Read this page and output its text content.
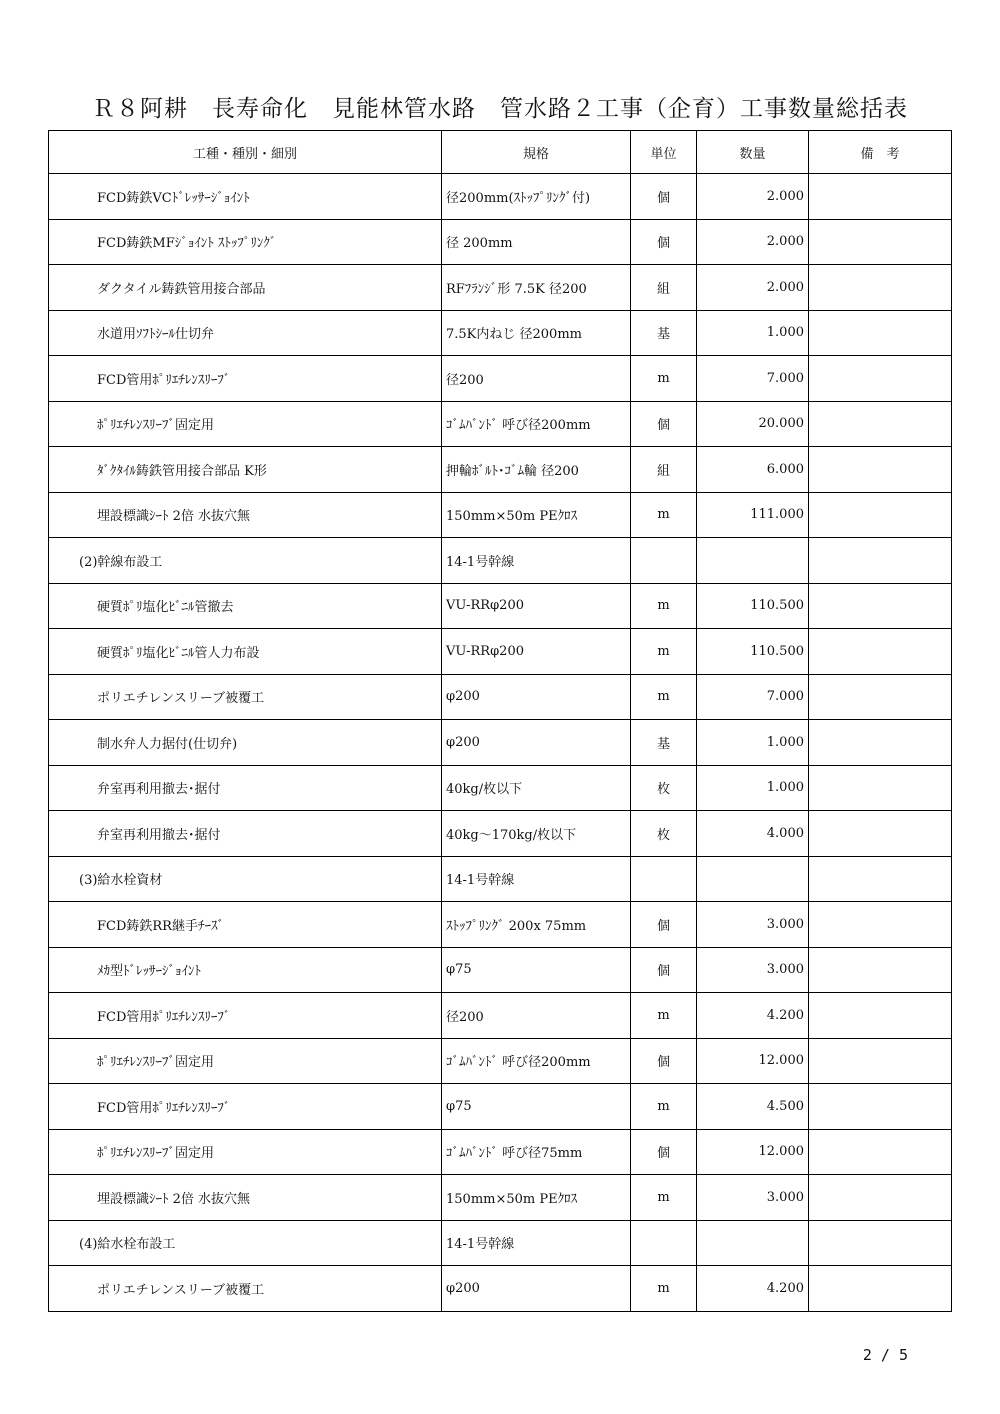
Ｒ８阿耕　長寿命化　見能林管水路　管水路２工事（企育）工事数量総括表
工種・種別・細別	規格	単位	数量	備　考
FCD鋳鉄VCﾄﾞﾚｯｻｰｼﾞｮｲﾝﾄ	径200mm(ｽﾄｯﾌﾟﾘﾝｸﾞ付)	個	2.000	
FCD鋳鉄MFｼﾞｮｲﾝﾄ ｽﾄｯﾌﾟﾘﾝｸﾞ	径 200mm	個	2.000	
ダクタイル鋳鉄管用接合部品	RFﾌﾗﾝｼﾞ形 7.5K 径200	組	2.000	
水道用ｿﾌﾄｼｰﾙ仕切弁	7.5K内ねじ 径200mm	基	1.000	
FCD管用ﾎﾟﾘｴﾁﾚﾝｽﾘｰﾌﾞ	径200	m	7.000	
ﾎﾟﾘｴﾁﾚﾝｽﾘｰﾌﾞ固定用	ｺﾞﾑﾊﾞﾝﾄﾞ 呼び径200mm	個	20.000	
ﾀﾞｸﾀｲﾙ鋳鉄管用接合部品 K形	押輪ﾎﾞﾙﾄ･ｺﾞﾑ輪 径200	組	6.000	
埋設標識ｼｰﾄ 2倍 水抜穴無	150mm×50m PEｸﾛｽ	m	111.000	
(2)幹線布設工	14-1号幹線			
硬質ﾎﾟﾘ塩化ﾋﾞﾆﾙ管撤去	VU-RRφ200	m	110.500	
硬質ﾎﾟﾘ塩化ﾋﾞﾆﾙ管人力布設	VU-RRφ200	m	110.500	
ポリエチレンスリーブ被覆工	φ200	m	7.000	
制水弁人力据付(仕切弁)	φ200	基	1.000	
弁室再利用撤去･据付	40kg/枚以下	枚	1.000	
弁室再利用撤去･据付	40kg～170kg/枚以下	枚	4.000	
(3)給水栓資材	14-1号幹線			
FCD鋳鉄RR継手ﾁｰｽﾞ	ｽﾄｯﾌﾟﾘﾝｸﾞ 200x 75mm	個	3.000	
ﾒｶ型ﾄﾞﾚｯｻｰｼﾞｮｲﾝﾄ	φ75	個	3.000	
FCD管用ﾎﾟﾘｴﾁﾚﾝｽﾘｰﾌﾞ	径200	m	4.200	
ﾎﾟﾘｴﾁﾚﾝｽﾘｰﾌﾞ固定用	ｺﾞﾑﾊﾞﾝﾄﾞ 呼び径200mm	個	12.000	
FCD管用ﾎﾟﾘｴﾁﾚﾝｽﾘｰﾌﾞ	φ75	m	4.500	
ﾎﾟﾘｴﾁﾚﾝｽﾘｰﾌﾞ固定用	ｺﾞﾑﾊﾞﾝﾄﾞ 呼び径75mm	個	12.000	
埋設標識ｼｰﾄ 2倍 水抜穴無	150mm×50m PEｸﾛｽ	m	3.000	
(4)給水栓布設工	14-1号幹線			
ポリエチレンスリーブ被覆工	φ200	m	4.200	
2 / 5
